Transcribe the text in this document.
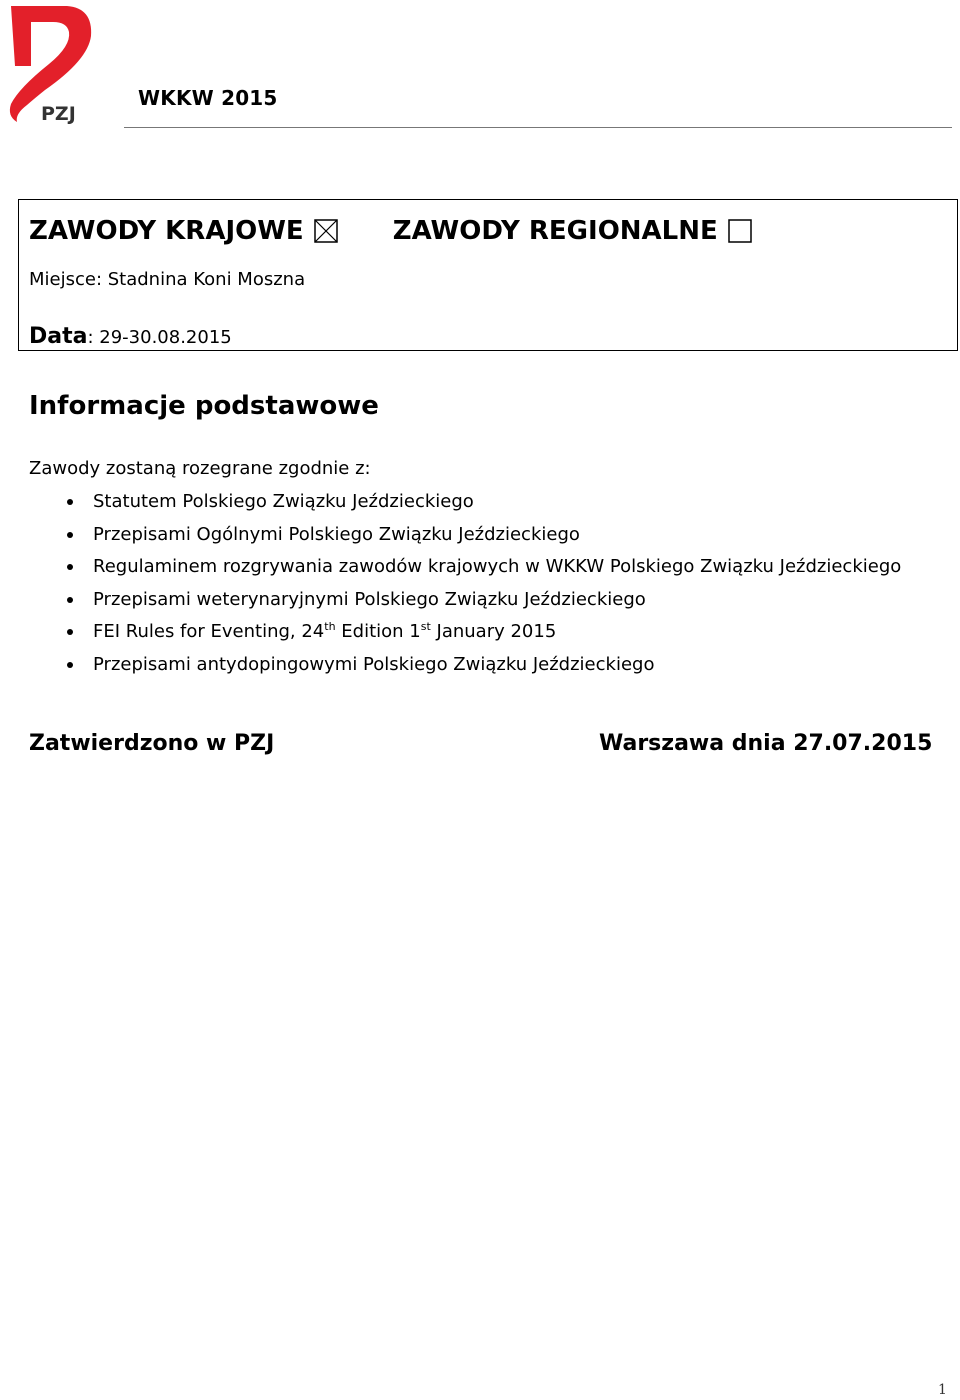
PZJ
WKKW 2015
ZAWODY KRAJOWE
	ZAWODY REGIONALNE
Miejsce: Stadnina Koni Moszna
Data: 29-30.08.2015
Informacje podstawowe
Zawody zostaną rozegrane zgodnie z:
Statutem Polskiego Związku Jeździeckiego
Przepisami Ogólnymi Polskiego Związku Jeździeckiego
Regulaminem rozgrywania zawodów krajowych w WKKW Polskiego Związku Jeździeckiego
Przepisami weterynaryjnymi Polskiego Związku Jeździeckiego
FEI Rules for Eventing, 24th Edition 1st January 2015
Przepisami antydopingowymi Polskiego Związku Jeździeckiego
Zatwierdzono w PZJ	Warszawa dnia 27.07.2015
1
